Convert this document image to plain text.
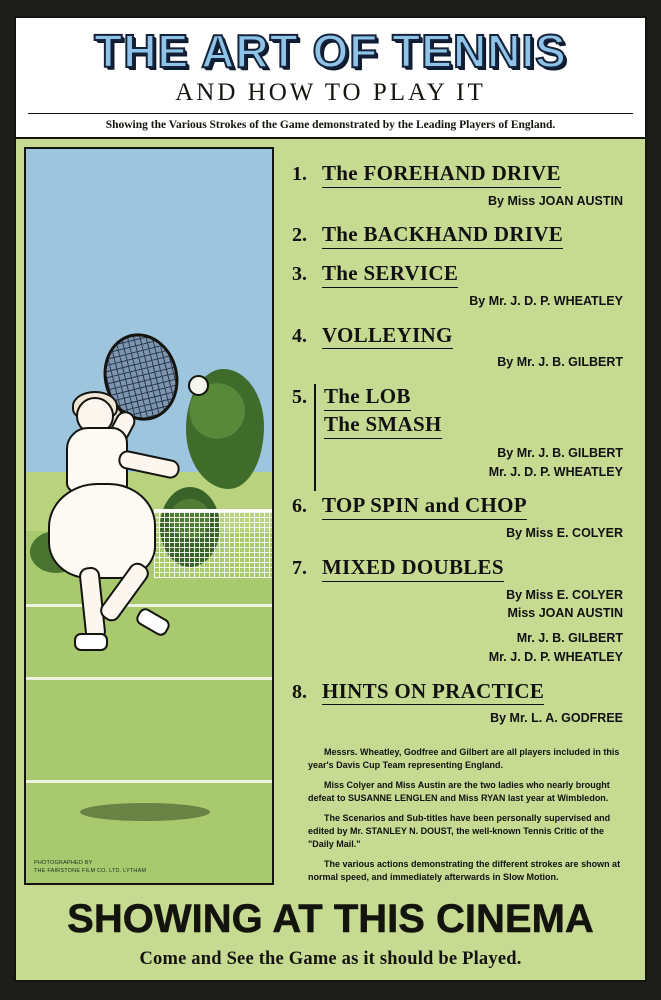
THE ART OF TENNIS
AND HOW TO PLAY IT
Showing the Various Strokes of the Game demonstrated by the Leading Players of England.
PHOTOGRAPHED BY
THE FAIRSTONE FILM CO. LTD. LYTHAM
1. The FOREHAND DRIVE
By Miss JOAN AUSTIN
2. The BACKHAND DRIVE
3. The SERVICE
By Mr. J. D. P. WHEATLEY
4. VOLLEYING
By Mr. J. B. GILBERT
5. The LOB
The SMASH
By Mr. J. B. GILBERT
Mr. J. D. P. WHEATLEY
6. TOP SPIN and CHOP
By Miss E. COLYER
7. MIXED DOUBLES
By Miss E. COLYER
Miss JOAN AUSTIN
Mr. J. B. GILBERT
Mr. J. D. P. WHEATLEY
8. HINTS ON PRACTICE
By Mr. L. A. GODFREE

Messrs. Wheatley, Godfree and Gilbert are all players included in this year's Davis Cup Team representing England.

Miss Colyer and Miss Austin are the two ladies who nearly brought defeat to SUSANNE LENGLEN and Miss RYAN last year at Wimbledon.

The Scenarios and Sub-titles have been personally supervised and edited by Mr. STANLEY N. DOUST, the well-known Tennis Critic of the "Daily Mail."

The various actions demonstrating the different strokes are shown at normal speed, and immediately afterwards in Slow Motion.

SHOWING AT THIS CINEMA
Come and See the Game as it should be Played.
